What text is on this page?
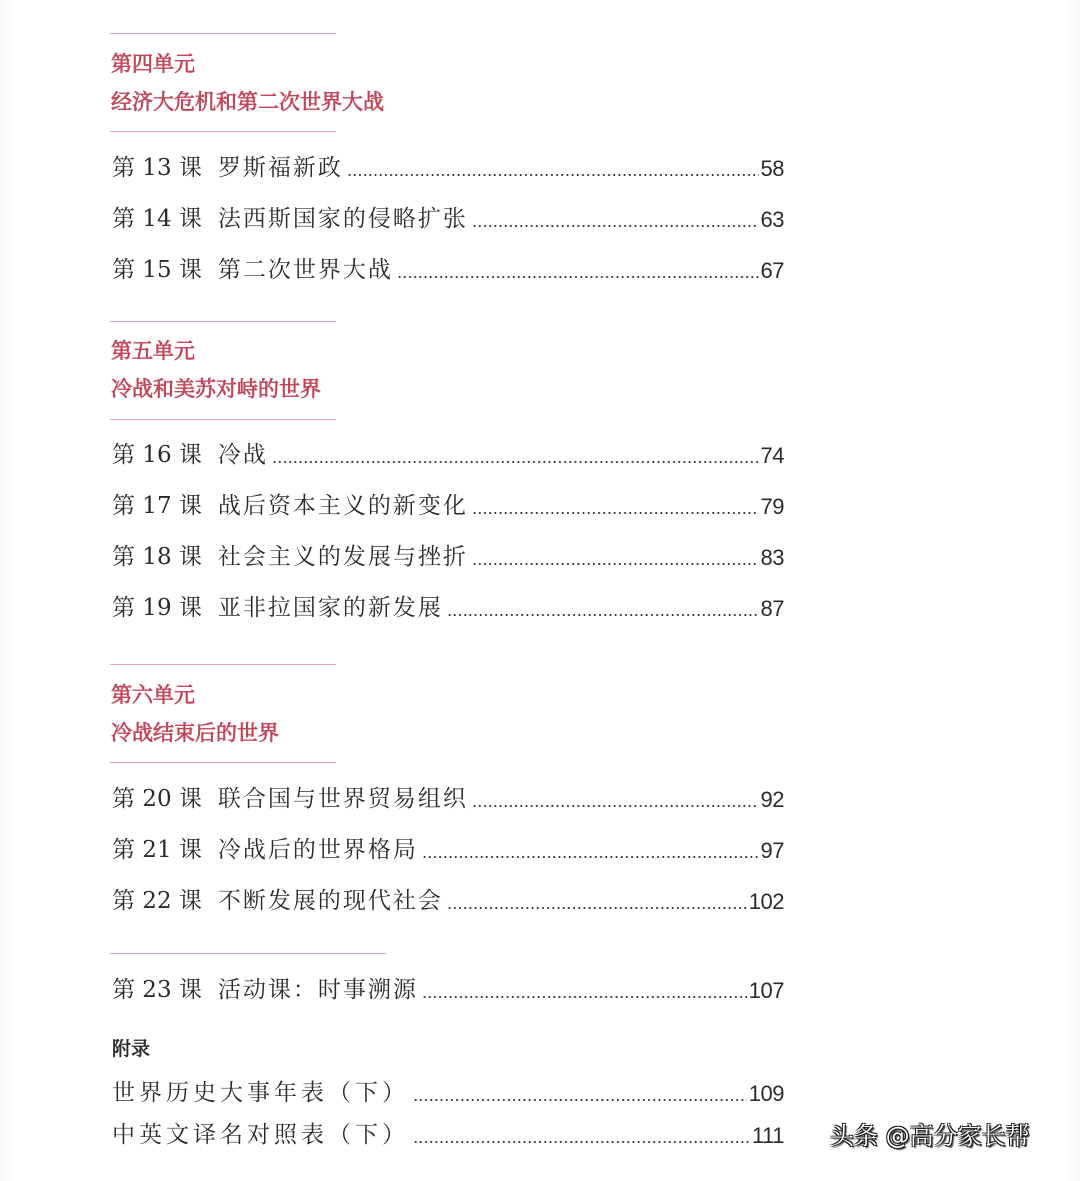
第四单元
经济大危机和第二次世界大战
第 13 课 罗斯福新政	58
第 14 课 法西斯国家的侵略扩张	63
第 15 课 第二次世界大战	67
第五单元
冷战和美苏对峙的世界
第 16 课 冷战	74
第 17 课 战后资本主义的新变化	79
第 18 课 社会主义的发展与挫折	83
第 19 课 亚非拉国家的新发展	87
第六单元
冷战结束后的世界
第 20 课 联合国与世界贸易组织	92
第 21 课 冷战后的世界格局	97
第 22 课 不断发展的现代社会	102
第 23 课 活动课：时事溯源	107
附录
世界历史大事年表（下）	109
中英文译名对照表（下）	111 头条 @高分家长帮
